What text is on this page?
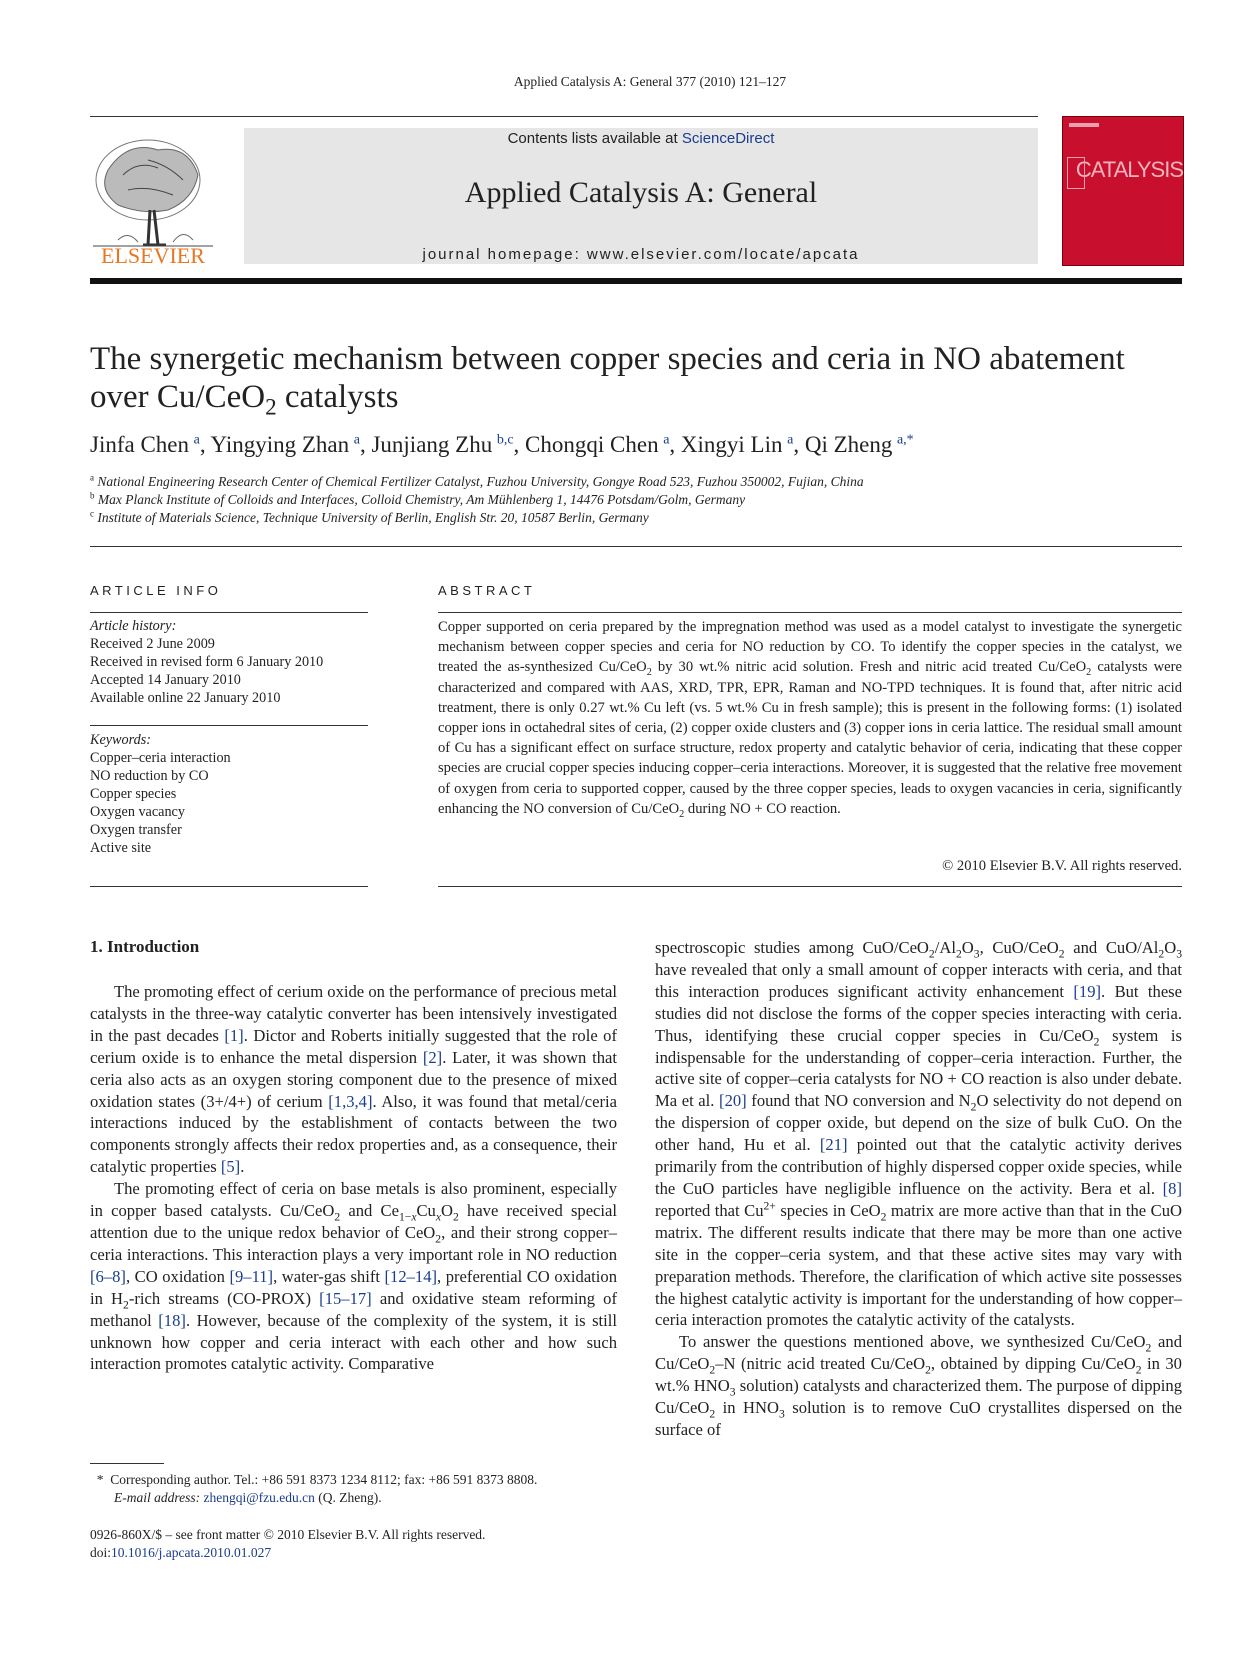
Applied Catalysis A: General 377 (2010) 121–127
ELSEVIER
Contents lists available at ScienceDirect
Applied Catalysis A: General
journal homepage: www.elsevier.com/locate/apcata
CATALYSIS
The synergetic mechanism between copper species and ceria in NO abatement over Cu/CeO$_2$ catalysts
Jinfa Chen  $^a$, Yingying Zhan  $^a$, Junjiang Zhu  $^{b,c}$, Chongqi Chen  $^a$, Xingyi Lin  $^a$, Qi Zheng  $^{a,*}$
$^a$ National Engineering Research Center of Chemical Fertilizer Catalyst, Fuzhou University, Gongye Road 523, Fuzhou 350002, Fujian, China
$^b$ Max Planck Institute of Colloids and Interfaces, Colloid Chemistry, Am Mühlenberg 1, 14476 Potsdam/Golm, Germany
$^c$ Institute of Materials Science, Technique University of Berlin, English Str. 20, 10587 Berlin, Germany
ARTICLE INFO
Article history:
Received 2 June 2009
Received in revised form 6 January 2010
Accepted 14 January 2010
Available online 22 January 2010
Keywords:
Copper–ceria interaction
NO reduction by CO
Copper species
Oxygen vacancy
Oxygen transfer
Active site
ABSTRACT
Copper supported on ceria prepared by the impregnation method was used as a model catalyst to investigate the synergetic mechanism between copper species and ceria for NO reduction by CO. To identify the copper species in the catalyst, we treated the as-synthesized Cu/CeO$_2$ by 30 wt.% nitric acid solution. Fresh and nitric acid treated Cu/CeO$_2$ catalysts were characterized and compared with AAS, XRD, TPR, EPR, Raman and NO-TPD techniques. It is found that, after nitric acid treatment, there is only 0.27 wt.% Cu left (vs. 5 wt.% Cu in fresh sample); this is present in the following forms: (1) isolated copper ions in octahedral sites of ceria, (2) copper oxide clusters and (3) copper ions in ceria lattice. The residual small amount of Cu has a significant effect on surface structure, redox property and catalytic behavior of ceria, indicating that these copper species are crucial copper species inducing copper–ceria interactions. Moreover, it is suggested that the relative free movement of oxygen from ceria to supported copper, caused by the three copper species, leads to oxygen vacancies in ceria, significantly enhancing the NO conversion of Cu/CeO$_2$ during NO + CO reaction.
© 2010 Elsevier B.V. All rights reserved.
1. Introduction

The promoting effect of cerium oxide on the performance of precious metal catalysts in the three-way catalytic converter has been intensively investigated in the past decades [1]. Dictor and Roberts initially suggested that the role of cerium oxide is to enhance the metal dispersion [2]. Later, it was shown that ceria also acts as an oxygen storing component due to the presence of mixed oxidation states (3+/4+) of cerium [1,3,4]. Also, it was found that metal/ceria interactions induced by the establishment of contacts between the two components strongly affects their redox properties and, as a consequence, their catalytic properties [5].

The promoting effect of ceria on base metals is also prominent, especially in copper based catalysts. Cu/CeO$_2$ and $Ce_{1-x}Cu_xO_2$ have received special attention due to the unique redox behavior of CeO$_2$, and their strong copper–ceria interactions. This interaction plays a very important role in NO reduction [6–8], CO oxidation [9–11], water-gas shift [12–14], preferential CO oxidation in $H_2$-rich streams (CO-PROX) [15–17] and oxidative steam reforming of methanol [18]. However, because of the complexity of the system, it is still unknown how copper and ceria interact with each other and how such interaction promotes catalytic activity. Comparative

spectroscopic studies among CuO/$CeO_2/Al_2O_3$, CuO/CeO$_2$ and CuO/$Al_2O_3$ have revealed that only a small amount of copper interacts with ceria, and that this interaction produces significant activity enhancement [19]. But these studies did not disclose the forms of the copper species interacting with ceria. Thus, identifying these crucial copper species in Cu/CeO$_2$ system is indispensable for the understanding of copper–ceria interaction. Further, the active site of copper–ceria catalysts for NO + CO reaction is also under debate. Ma et al. [20] found that NO conversion and $N_2O$ selectivity do not depend on the dispersion of copper oxide, but depend on the size of bulk CuO. On the other hand, Hu et al. [21] pointed out that the catalytic activity derives primarily from the contribution of highly dispersed copper oxide species, while the CuO particles have negligible influence on the activity. Bera et al. [8] reported that $Cu^{2+}$ species in CeO$_2$ matrix are more active than that in the CuO matrix. The different results indicate that there may be more than one active site in the copper–ceria system, and that these active sites may vary with preparation methods. Therefore, the clarification of which active site possesses the highest catalytic activity is important for the understanding of how copper–ceria interaction promotes the catalytic activity of the catalysts.

To answer the questions mentioned above, we synthesized Cu/CeO$_2$ and Cu/CeO$_2$–N (nitric acid treated Cu/CeO$_2$, obtained by dipping Cu/CeO$_2$ in 30 wt.% $HNO_3$ solution) catalysts and characterized them. The purpose of dipping Cu/CeO$_2$ in $HNO_3$ solution is to remove CuO crystallites dispersed on the surface of

*  Corresponding author. Tel.: +86 591 8373 1234 8112; fax: +86 591 8373 8808.
E-mail address: zhengqi@fzu.edu.cn (Q. Zheng).
0926-860X/$ – see front matter © 2010 Elsevier B.V. All rights reserved.
doi:10.1016/j.apcata.2010.01.027
